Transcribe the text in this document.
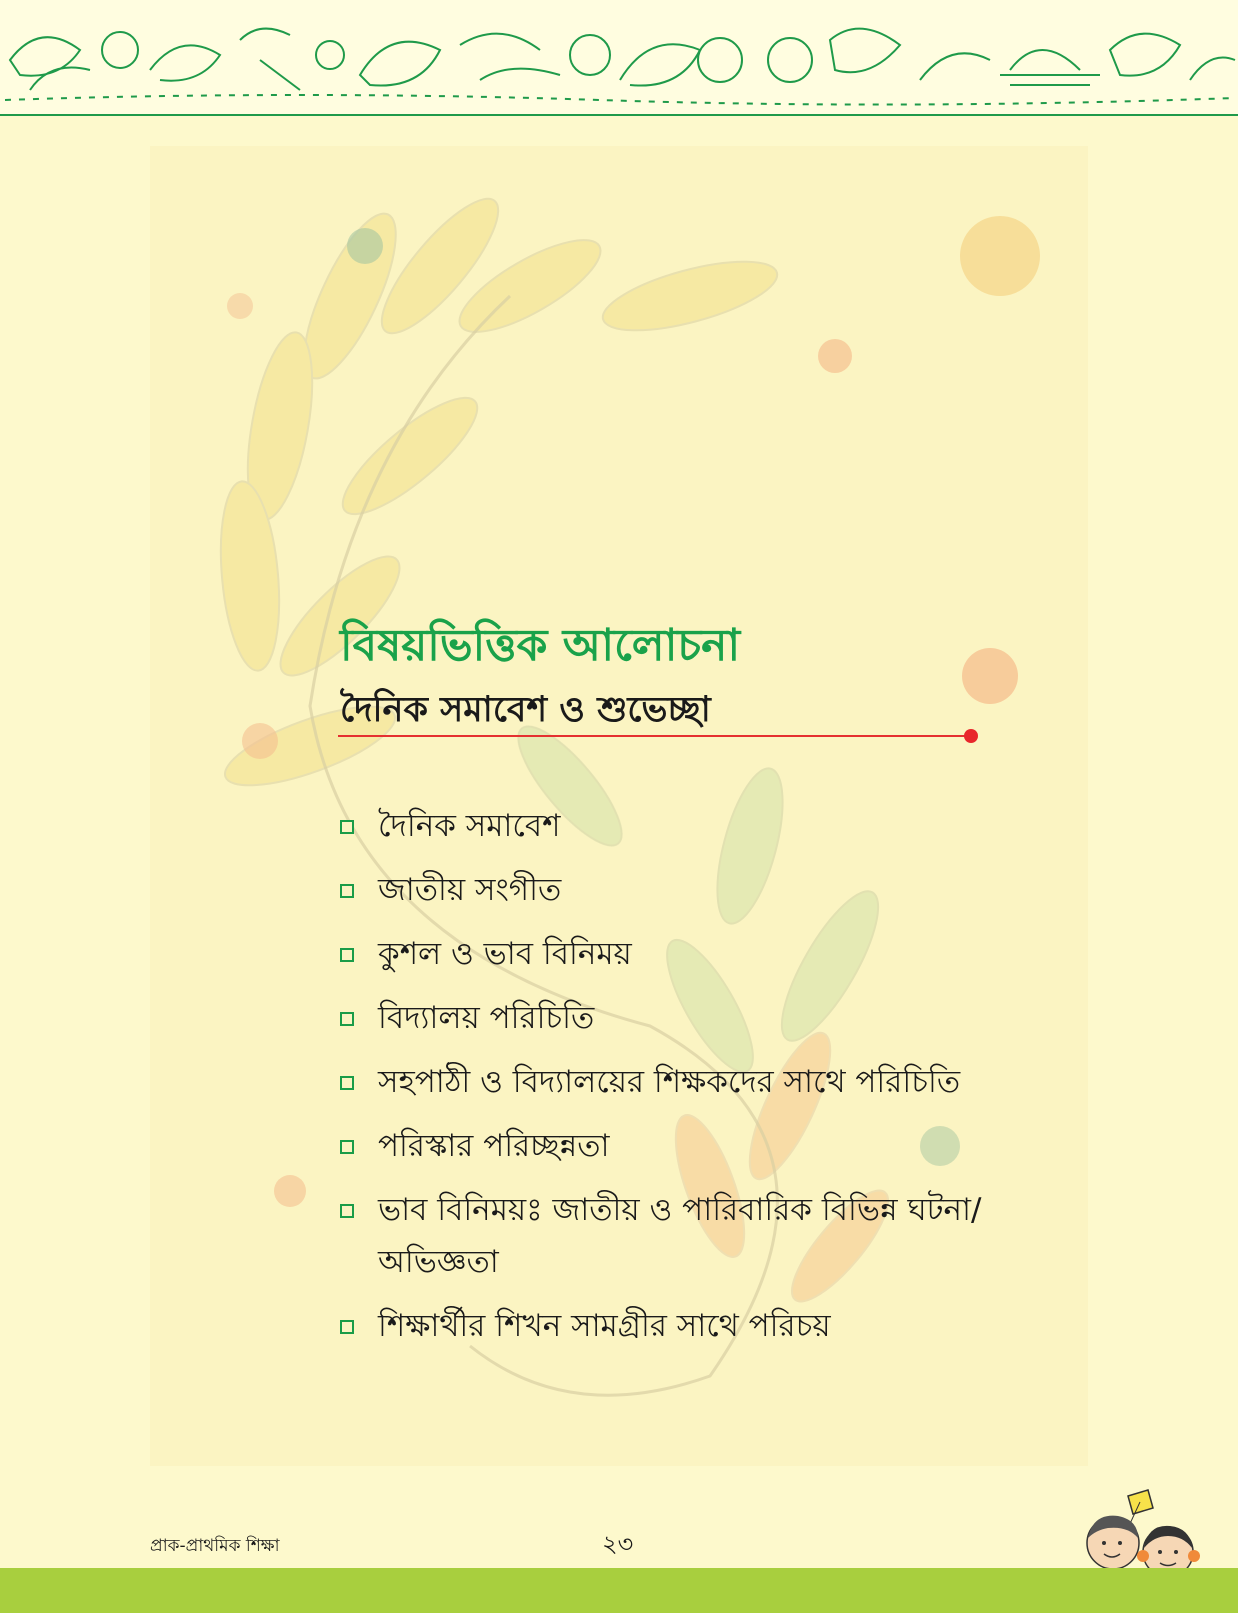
বিষয়ভিত্তিক আলোচনা
দৈনিক সমাবেশ ও শুভেচ্ছা
দৈনিক সমাবেশ
জাতীয় সংগীত
কুশল ও ভাব বিনিময়
বিদ্যালয় পরিচিতি
সহপাঠী ও বিদ্যালয়ের শিক্ষকদের সাথে পরিচিতি
পরিস্কার পরিচ্ছন্নতা
ভাব বিনিময়ঃ জাতীয় ও পারিবারিক বিভিন্ন ঘটনা/অভিজ্ঞতা
শিক্ষার্থীর শিখন সামগ্রীর সাথে পরিচয়
প্রাক-প্রাথমিক শিক্ষা	২৩
